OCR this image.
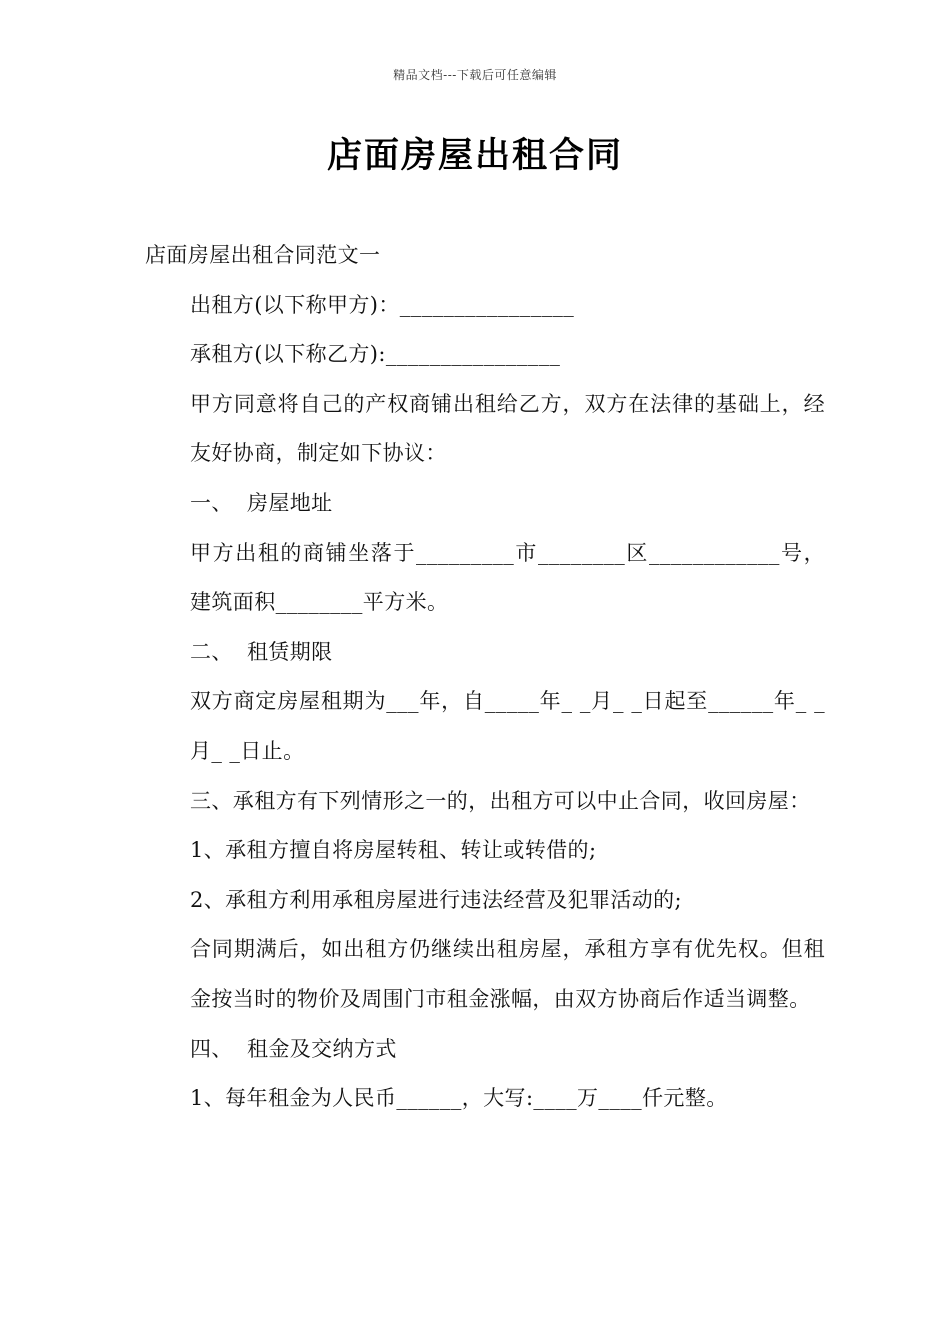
精品文档---下载后可任意编辑
店面房屋出租合同

店面房屋出租合同范文一

出租方(以下称甲方)：________________

承租方(以下称乙方):________________

甲方同意将自己的产权商铺出租给乙方，双方在法律的基础上，经友好协商，制定如下协议：

一、  房屋地址

甲方出租的商铺坐落于_________市________区____________号，建筑面积________平方米。

二、  租赁期限

双方商定房屋租期为___年，自_____年_ _月_ _日起至______年_ _月_ _日止。

三、承租方有下列情形之一的，出租方可以中止合同，收回房屋：

1、承租方擅自将房屋转租、转让或转借的;

2、承租方利用承租房屋进行违法经营及犯罪活动的;

合同期满后，如出租方仍继续出租房屋，承租方享有优先权。但租金按当时的物价及周围门市租金涨幅，由双方协商后作适当调整。

四、  租金及交纳方式

1、每年租金为人民币______，大写:____万____仟元整。
